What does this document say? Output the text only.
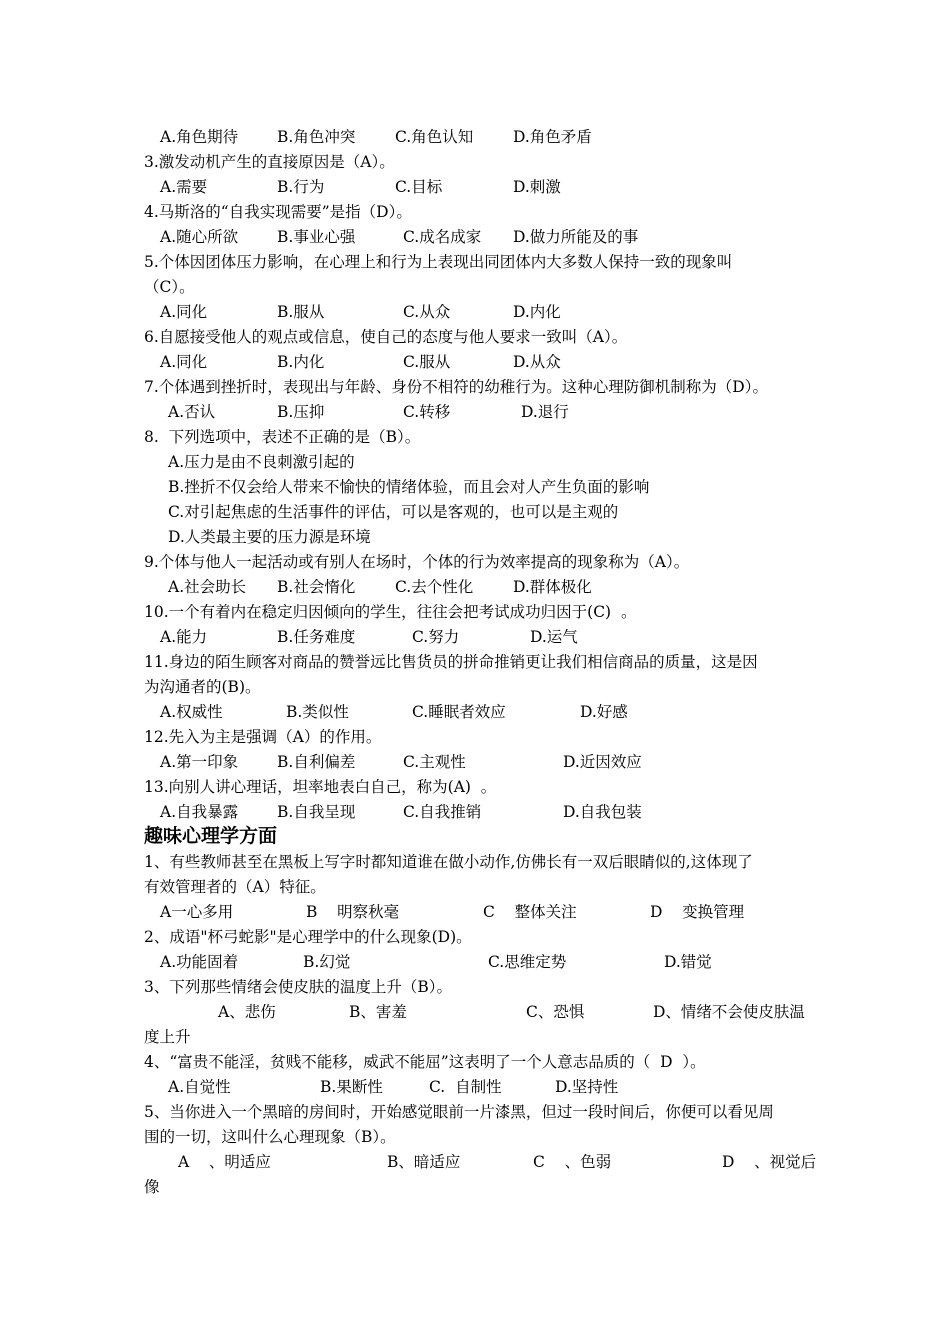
A.角色期待	B.角色冲突	C.角色认知	D.角色矛盾
3.激发动机产生的直接原因是（A）。
A.需要	B.行为	C.目标	D.刺激
4.马斯洛的“自我实现需要”是指（D）。
A.随心所欲	B.事业心强	C.成名成家 D.做力所能及的事
5.个体因团体压力影响，在心理上和行为上表现出同团体内大多数人保持一致的现象叫
（C）。
A.同化	B.服从	C.从众	D.内化
6.自愿接受他人的观点或信息，使自己的态度与他人要求一致叫（A）。
A.同化	B.内化	C.服从	D.从众
7.个体遇到挫折时，表现出与年龄、身份不相符的幼稚行为。这种心理防御机制称为（D）。
A.否认	B.压抑	C.转移	D.退行
8.  下列选项中，表述不正确的是（B）。
A.压力是由不良刺激引起的
B.挫折不仅会给人带来不愉快的情绪体验，而且会对人产生负面的影响
C.对引起焦虑的生活事件的评估，可以是客观的，也可以是主观的
D.人类最主要的压力源是环境
9.个体与他人一起活动或有别人在场时，个体的行为效率提高的现象称为（A）。
A.社会助长 B.社会惰化	C.去个性化	D.群体极化
10.一个有着内在稳定归因倾向的学生，往往会把考试成功归因于(C)  。
A.能力	B.任务难度	C.努力	D.运气
11.身边的陌生顾客对商品的赞誉远比售货员的拼命推销更让我们相信商品的质量，这是因
为沟通者的(B)。
A.权威性	B.类似性	C.睡眠者效应	D.好感
12.先入为主是强调（A）的作用。
A.第一印象	B.自利偏差	C.主观性	D.近因效应
13.向别人讲心理话，坦率地表白自己，称为(A)  。
A.自我暴露	B.自我呈现	C.自我推销	D.自我包装
趣味心理学方面
1、有些教师甚至在黑板上写字时都知道谁在做小动作,仿佛长有一双后眼睛似的,这体现了
有效管理者的（A）特征。
A一心多用	B    明察秋毫	C    整体关注	D    变换管理
2、成语"杯弓蛇影"是心理学中的什么现象(D)。
A.功能固着	B.幻觉	C.思维定势	D.错觉
3、下列那些情绪会使皮肤的温度上升（B）。
A、悲伤	B、害羞	C、恐惧	D、情绪不会使皮肤温
度上升
4、“富贵不能淫，贫贱不能移，威武不能屈”这表明了一个人意志品质的（  D  ）。
A.自觉性	B.果断性	C.  自制性	D.坚持性
5、当你进入一个黑暗的房间时，开始感觉眼前一片漆黑，但过一段时间后，你便可以看见周
围的一切，这叫什么心理现象（B）。
A    、明适应	B、暗适应	C    、色弱	D    、视觉后
像
